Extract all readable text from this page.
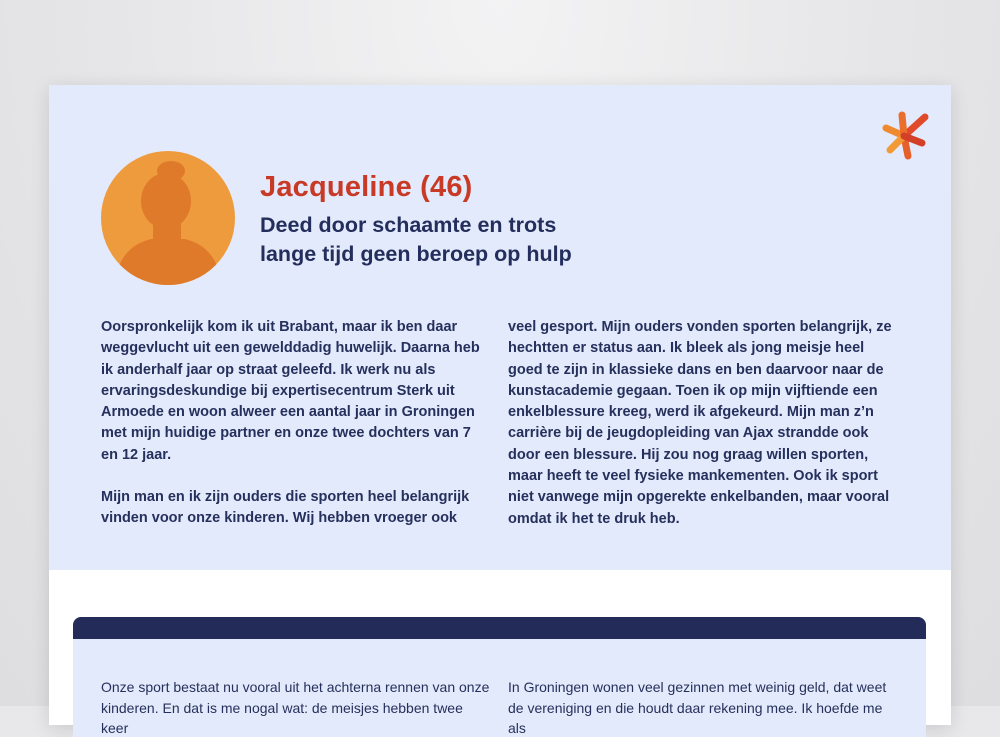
Jacqueline (46)
Deed door schaamte en trots
lange tijd geen beroep op hulp

Oorspronkelijk kom ik uit Brabant, maar ik ben daar weggevlucht uit een gewelddadig huwelijk. Daarna heb ik anderhalf jaar op straat geleefd. Ik werk nu als ervaringsdeskundige bij expertisecentrum Sterk uit Armoede en woon alweer een aantal jaar in Groningen met mijn huidige partner en onze twee dochters van 7 en 12 jaar.

Mijn man en ik zijn ouders die sporten heel belangrijk vinden voor onze kinderen. Wij hebben vroeger ook

veel gesport. Mijn ouders vonden sporten belangrijk, ze hechtten er status aan. Ik bleek als jong meisje heel goed te zijn in klassieke dans en ben daarvoor naar de kunstacademie gegaan. Toen ik op mijn vijftiende een enkelblessure kreeg, werd ik afgekeurd. Mijn man z’n carrière bij de jeugdopleiding van Ajax strandde ook door een blessure. Hij zou nog graag willen sporten, maar heeft te veel fysieke mankementen. Ook ik sport niet vanwege mijn opgerekte enkelbanden, maar vooral omdat ik het te druk heb.

Onze sport bestaat nu vooral uit het achterna rennen van onze kinderen. En dat is me nogal wat: de meisjes hebben twee keer

In Groningen wonen veel gezinnen met weinig geld, dat weet de vereniging en die houdt daar rekening mee. Ik hoefde me als
